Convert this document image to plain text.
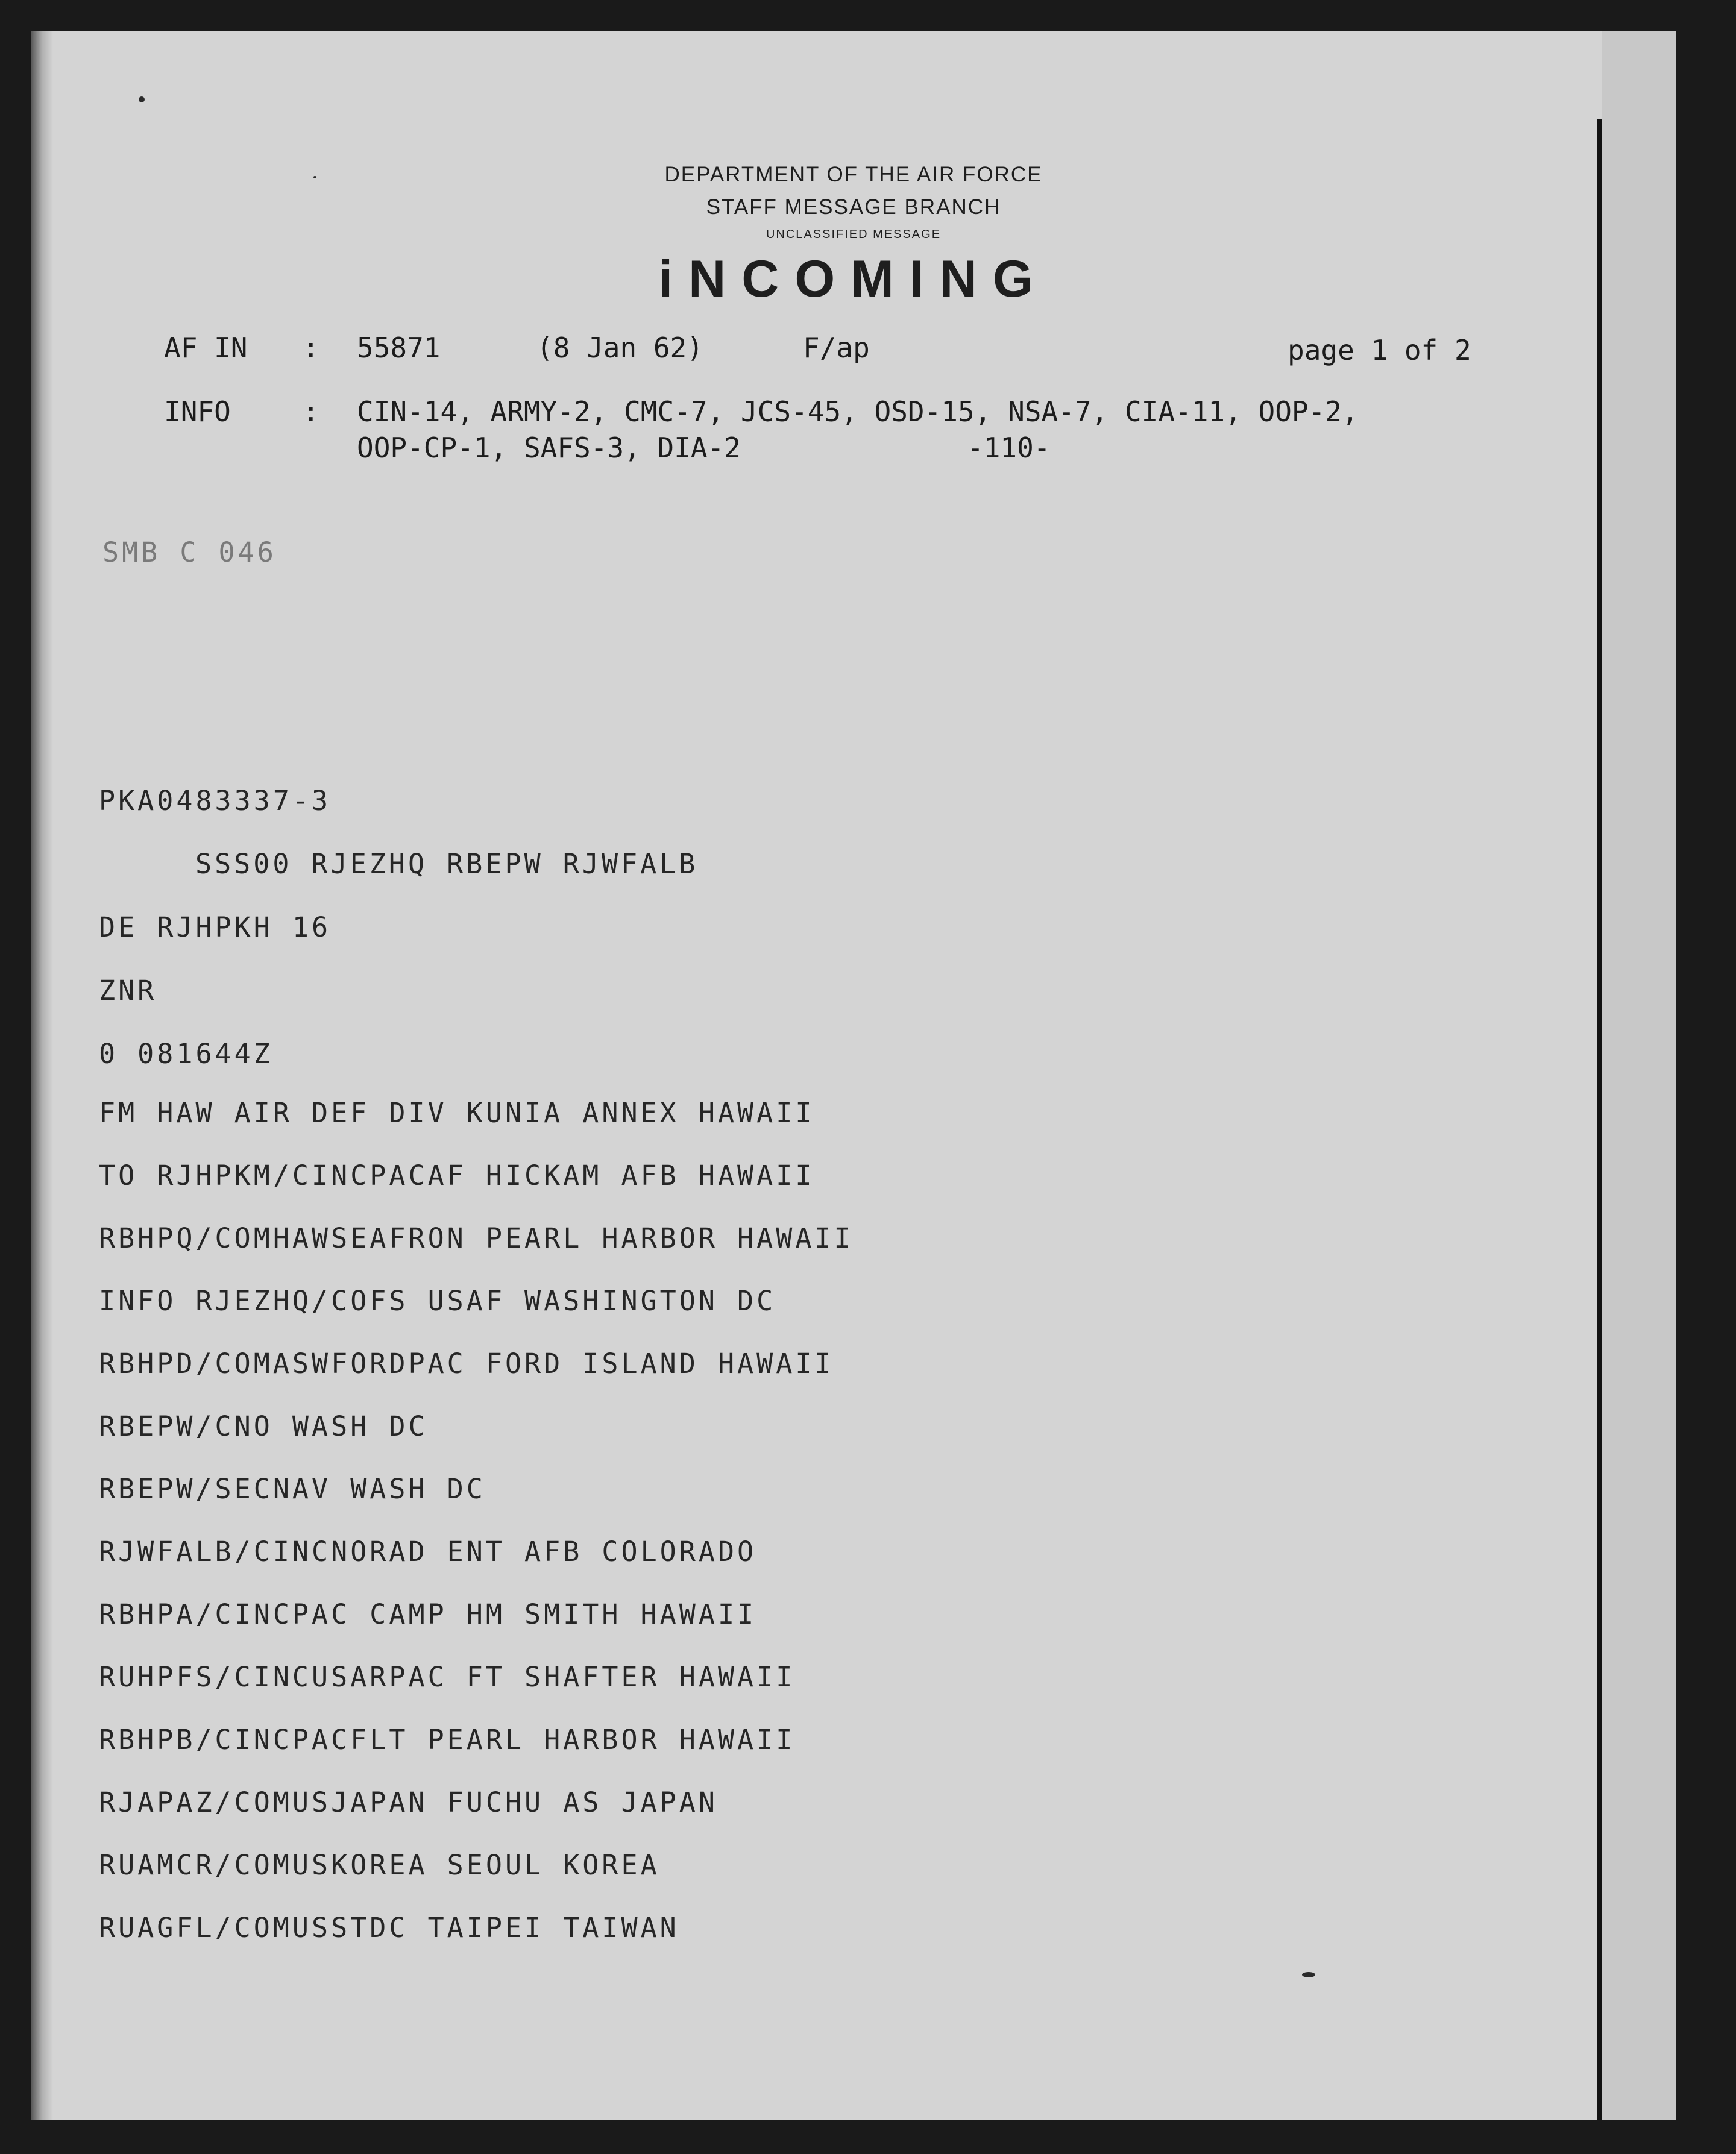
DEPARTMENT OF THE AIR FORCE
STAFF MESSAGE BRANCH
UNCLASSIFIED MESSAGE
iNCOMING
AF IN : 55871	(8 Jan 62)	F/ap	page 1 of 2
INFO	: CIN-14, ARMY-2, CMC-7, JCS-45, OSD-15, NSA-7, CIA-11, OOP-2,
OOP-CP-1, SAFS-3, DIA-2	-110-
SMB C 046
PKA0483337-3
SSS00 RJEZHQ RBEPW RJWFALB
DE RJHPKH 16
ZNR
0 081644Z
FM HAW AIR DEF DIV KUNIA ANNEX HAWAII
TO RJHPKM/CINCPACAF HICKAM AFB HAWAII
RBHPQ/COMHAWSEAFRON PEARL HARBOR HAWAII
INFO RJEZHQ/COFS USAF WASHINGTON DC
RBHPD/COMASWFORDPAC FORD ISLAND HAWAII
RBEPW/CNO WASH DC
RBEPW/SECNAV WASH DC
RJWFALB/CINCNORAD ENT AFB COLORADO
RBHPA/CINCPAC CAMP HM SMITH HAWAII
RUHPFS/CINCUSARPAC FT SHAFTER HAWAII
RBHPB/CINCPACFLT PEARL HARBOR HAWAII
RJAPAZ/COMUSJAPAN FUCHU AS JAPAN
RUAMCR/COMUSKOREA SEOUL KOREA
RUAGFL/COMUSSTDC TAIPEI TAIWAN
